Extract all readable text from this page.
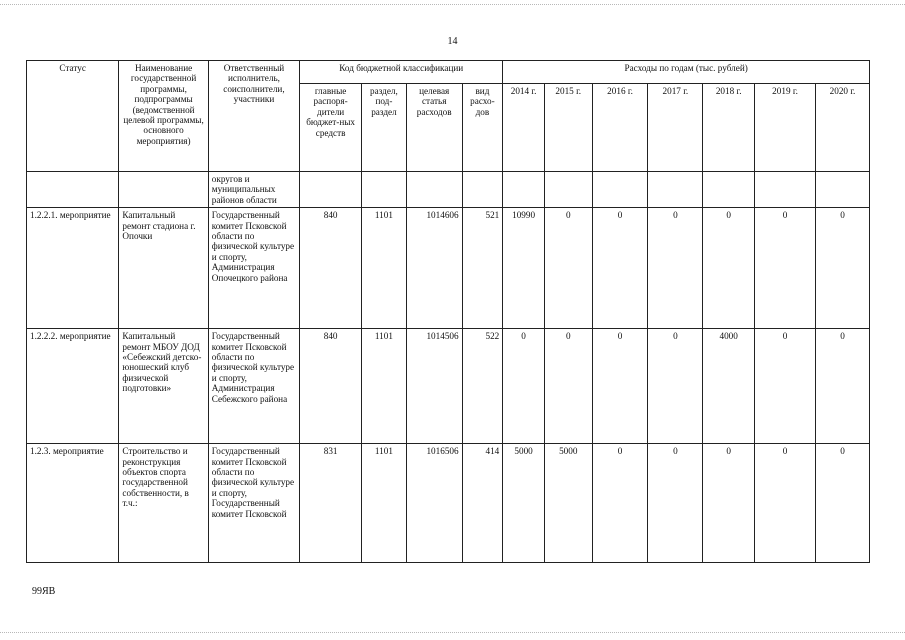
14
Статус	Наименование государственной программы, подпрограммы (ведомственной целевой программы, основного мероприятия)	Ответственный исполнитель, соисполнители, участники	Код бюджетной классификации				Расходы по годам (тыс. рублей)						
			главные распоря-дители бюджет-ных средств	раздел, под-раздел	целевая статья расходов	вид расхо-дов	2014 г.	2015 г.	2016 г.	2017 г.	2018 г.	2019 г.	2020 г.
		округов и муниципальных районов области											
1.2.2.1. мероприятие	Капитальный ремонт стадиона г. Опочки	Государственный комитет Псковской области по физической культуре и спорту, Администрация Опочецкого района	840	1101	1014606	521	10990	0	0	0	0	0	0
1.2.2.2. мероприятие	Капитальный ремонт МБОУ ДОД «Себежский детско-юношеский клуб физической подготовки»	Государственный комитет Псковской области по физической культуре и спорту, Администрация Себежского района	840	1101	1014506	522	0	0	0	0	4000	0	0
1.2.3. мероприятие	Строительство и реконструкция объектов спорта государственной собственности, в т.ч.:	Государственный комитет Псковской области по физической культуре и спорту, Государственный комитет Псковской	831	1101	1016506	414	5000	5000	0	0	0	0	0
99ЯВ
